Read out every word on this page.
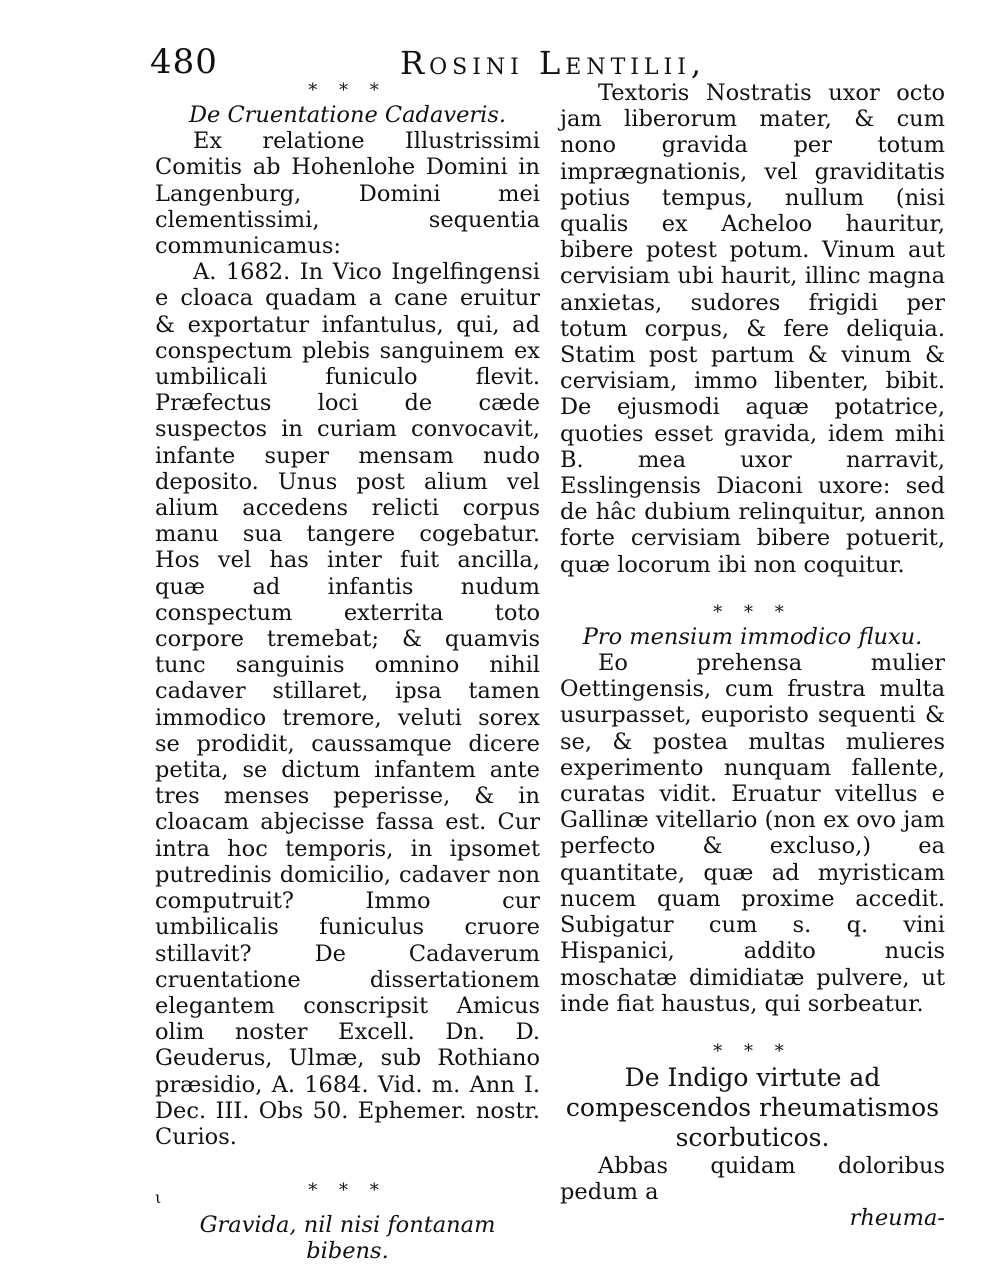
480	Rosini Lentilii,
* * *
De Cruentatione Cadaveris.
Ex relatione Illustrissimi Comitis ab Hohenlohe Domini in Langenburg, Domini mei clementissimi, sequentia communicamus:
A. 1682. In Vico Ingelfingensi e cloaca quadam a cane eruitur & exportatur infantulus, qui, ad conspectum plebis sanguinem ex umbilicali funiculo flevit. Præfectus loci de cæde suspectos in curiam convocavit, infante super mensam nudo deposito. Unus post alium vel alium accedens relicti corpus manu sua tangere cogebatur. Hos vel has inter fuit ancilla, quæ ad infantis nudum conspectum exterrita toto corpore tremebat; & quamvis tunc sanguinis omnino nihil cadaver stillaret, ipsa tamen immodico tremore, veluti sorex se prodidit, caussamque dicere petita, se dictum infantem ante tres menses peperisse, & in cloacam abjecisse fassa est. Cur intra hoc temporis, in ipsomet putredinis domicilio, cadaver non computruit? Immo cur umbilicalis funiculus cruore stillavit? De Cadaverum cruentatione dissertationem elegantem conscripsit Amicus olim noster Excell. Dn. D. Geuderus, Ulmæ, sub Rothiano præsidio, A. 1684. Vid. m. Ann I. Dec. III. Obs 50. Ephemer. nostr. Curios.
* * *
Gravida, nil nisi fontanam bibens.
Textoris Nostratis uxor octo jam liberorum mater, & cum nono gravida per totum imprægnationis, vel graviditatis potius tempus, nullum (nisi qualis ex Acheloo hauritur, bibere potest potum. Vinum aut cervisiam ubi haurit, illinc magna anxietas, sudores frigidi per totum corpus, & fere deliquia. Statim post partum & vinum & cervisiam, immo libenter, bibit. De ejusmodi aquæ potatrice, quoties esset gravida, idem mihi B. mea uxor narravit, Esslingensis Diaconi uxore: sed de hâc dubium relinquitur, annon forte cervisiam bibere potuerit, quæ locorum ibi non coquitur.
* * *
Pro mensium immodico fluxu.
Eo prehensa mulier Oettingensis, cum frustra multa usurpasset, euporisto sequenti & se, & postea multas mulieres experimento nunquam fallente, curatas vidit. Eruatur vitellus e Gallinæ vitellario (non ex ovo jam perfecto & excluso,) ea quantitate, quæ ad myristicam nucem quam proxime accedit. Subigatur cum s. q. vini Hispanici, addito nucis moschatæ dimidiatæ pulvere, ut inde fiat haustus, qui sorbeatur.
* * *
De Indigo virtute ad compescendos rheumatismos scorbuticos.
Abbas quidam doloribus pedum a
rheuma-
ι
